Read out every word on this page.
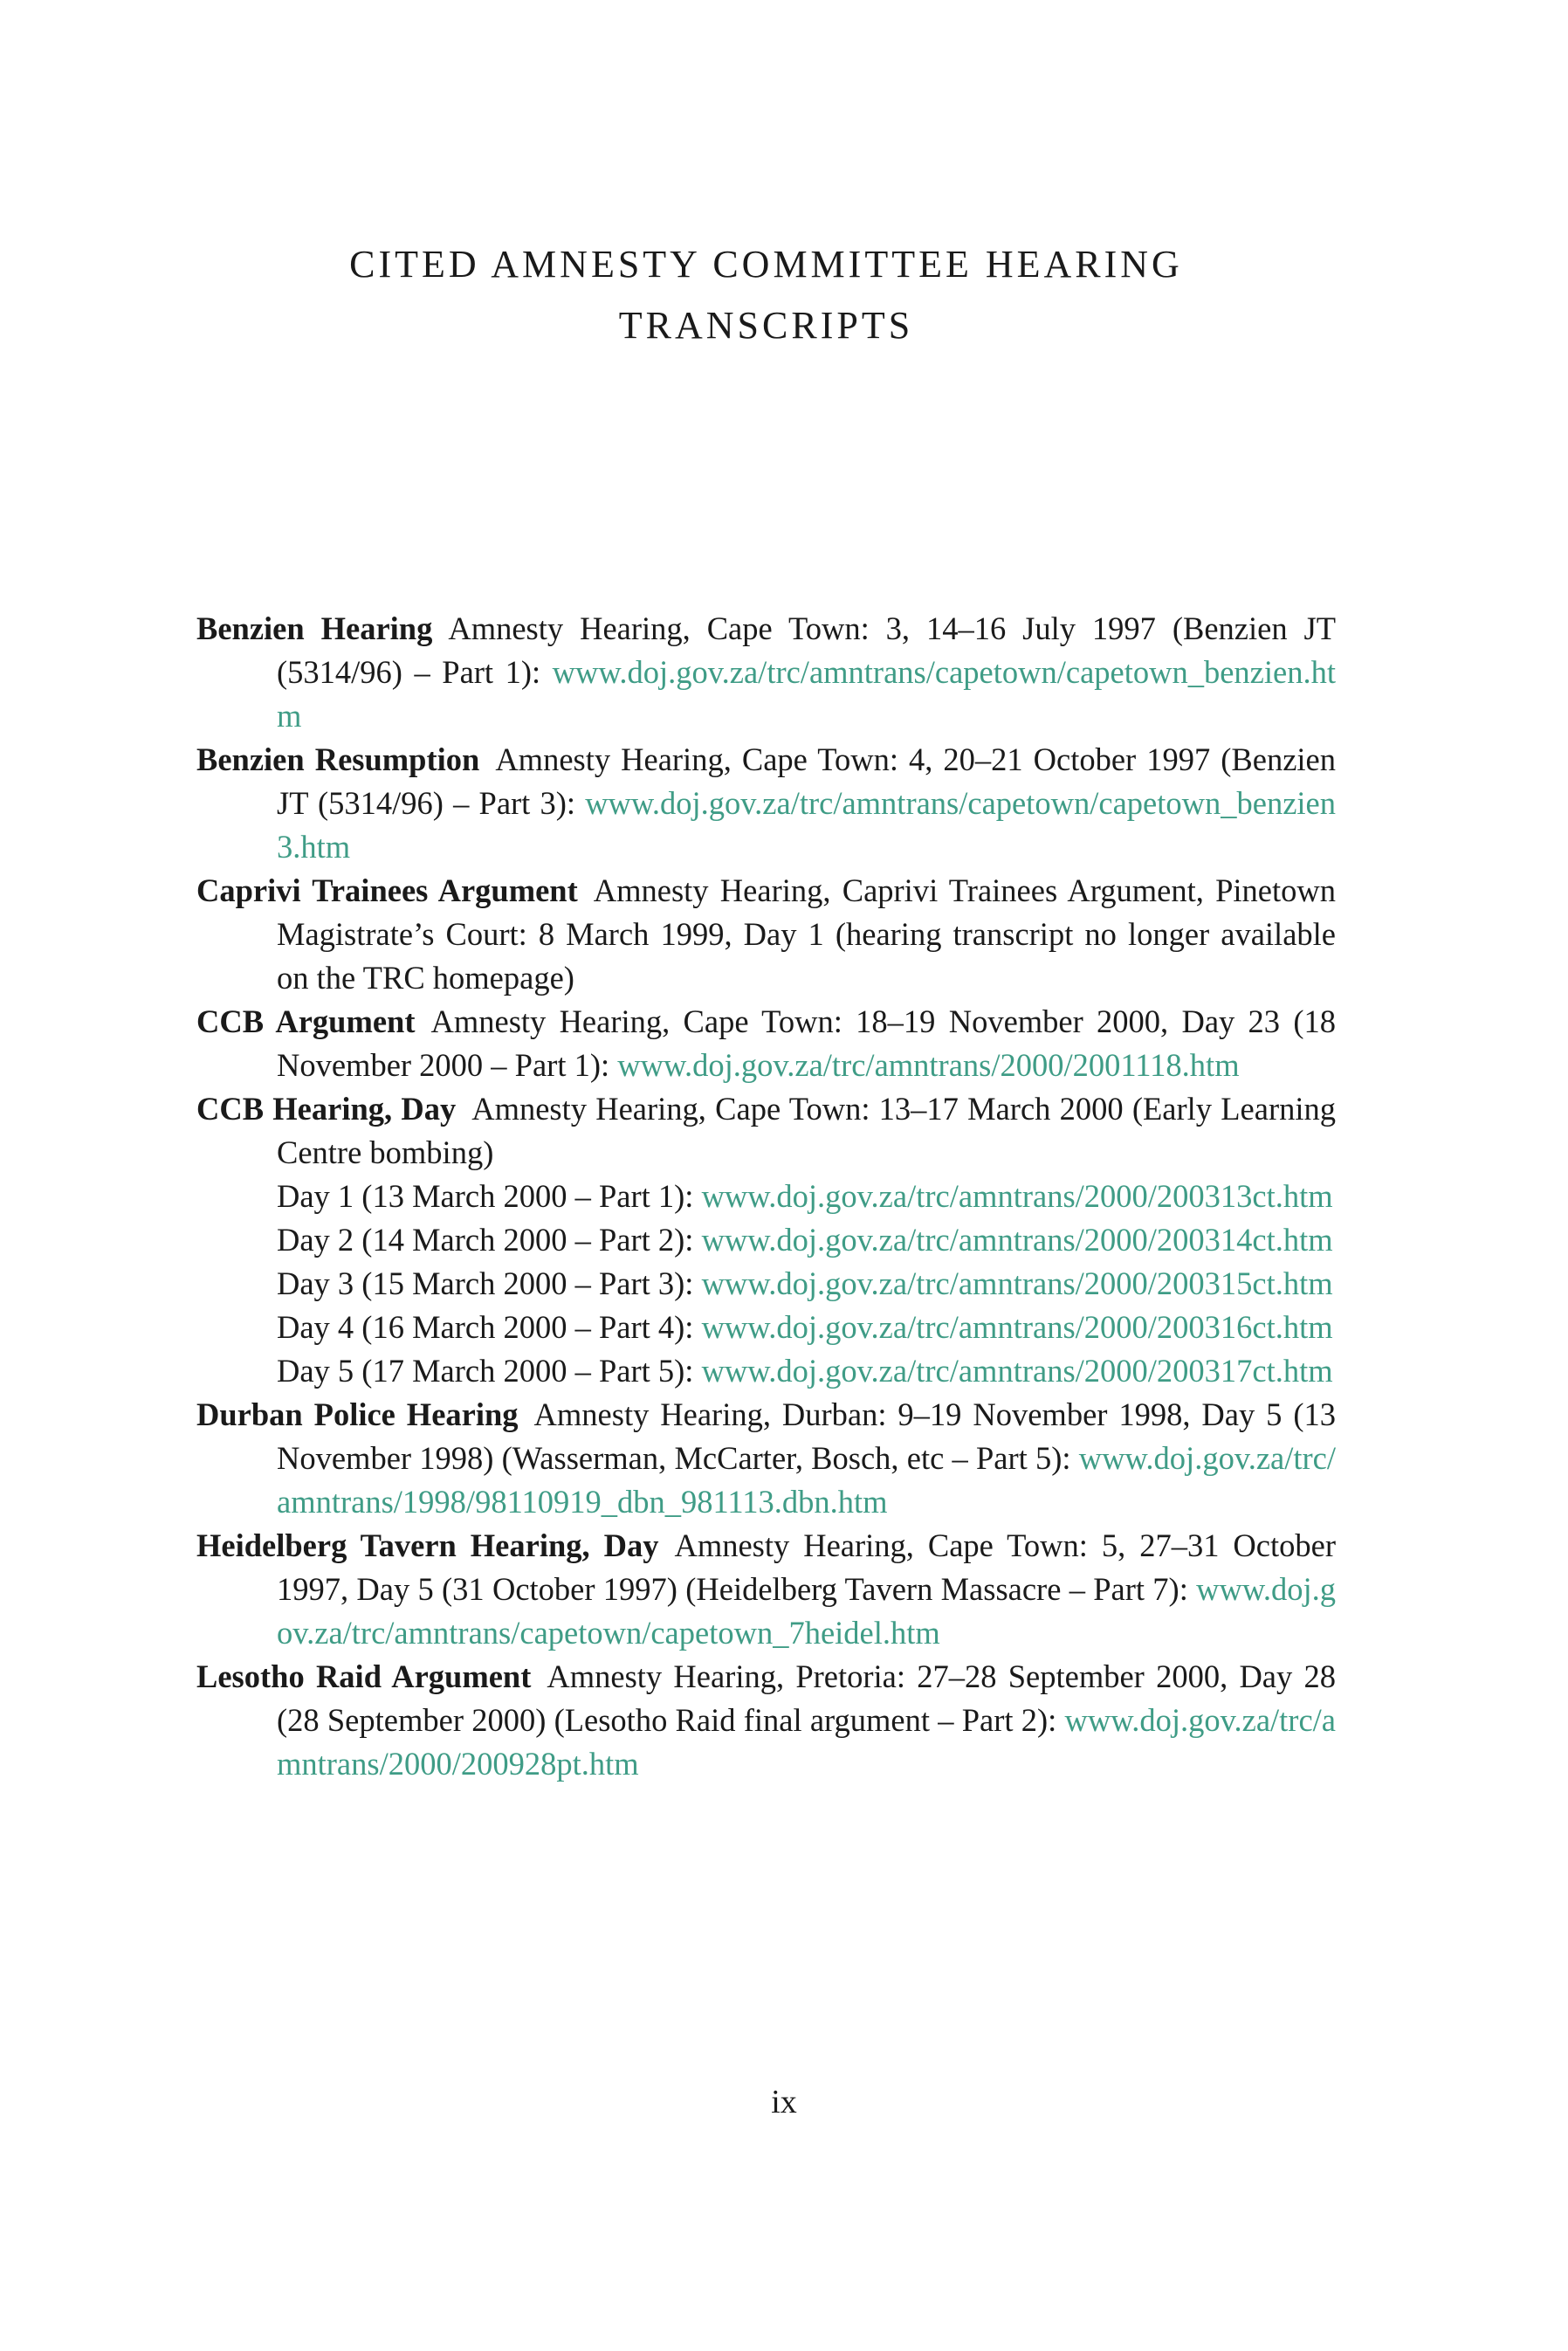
CITED AMNESTY COMMITTEE HEARING
TRANSCRIPTS

Benzien Hearing Amnesty Hearing, Cape Town: 3, 14–16 July 1997 (Benzien JT (5314/96) – Part 1): www.doj.gov.za/trc/amntrans/capetown/capetown_benzien.htm

Benzien Resumption Amnesty Hearing, Cape Town: 4, 20–21 October 1997 (Benzien JT (5314/96) – Part 3): www.doj.gov.za/trc/amntrans/capetown/capetown_benzien3.htm

Caprivi Trainees Argument Amnesty Hearing, Caprivi Trainees Argument, Pinetown Magistrate’s Court: 8 March 1999, Day 1 (hearing transcript no longer available on the TRC homepage)

CCB Argument Amnesty Hearing, Cape Town: 18–19 November 2000, Day 23 (18 November 2000 – Part 1): www.doj.gov.za/trc/amntrans/2000/2001118.htm

CCB Hearing, Day Amnesty Hearing, Cape Town: 13–17 March 2000 (Early Learning Centre bombing)

Day 1 (13 March 2000 – Part 1): www.doj.gov.za/trc/amntrans/2000/200313ct.htm

Day 2 (14 March 2000 – Part 2): www.doj.gov.za/trc/amntrans/2000/200314ct.htm

Day 3 (15 March 2000 – Part 3): www.doj.gov.za/trc/amntrans/2000/200315ct.htm

Day 4 (16 March 2000 – Part 4): www.doj.gov.za/trc/amntrans/2000/200316ct.htm

Day 5 (17 March 2000 – Part 5): www.doj.gov.za/trc/amntrans/2000/200317ct.htm

Durban Police Hearing Amnesty Hearing, Durban: 9–19 November 1998, Day 5 (13 November 1998) (Wasserman, McCarter, Bosch, etc – Part 5): www.doj.gov.za/trc/amntrans/1998/98110919_dbn_981113.dbn.htm

Heidelberg Tavern Hearing, Day Amnesty Hearing, Cape Town: 5, 27–31 October 1997, Day 5 (31 October 1997) (Heidelberg Tavern Massacre – Part 7): www.doj.gov.za/trc/amntrans/capetown/capetown_7heidel.htm

Lesotho Raid Argument Amnesty Hearing, Pretoria: 27–28 September 2000, Day 28 (28 September 2000) (Lesotho Raid final argument – Part 2): www.doj.gov.za/trc/amntrans/2000/200928pt.htm

ix
